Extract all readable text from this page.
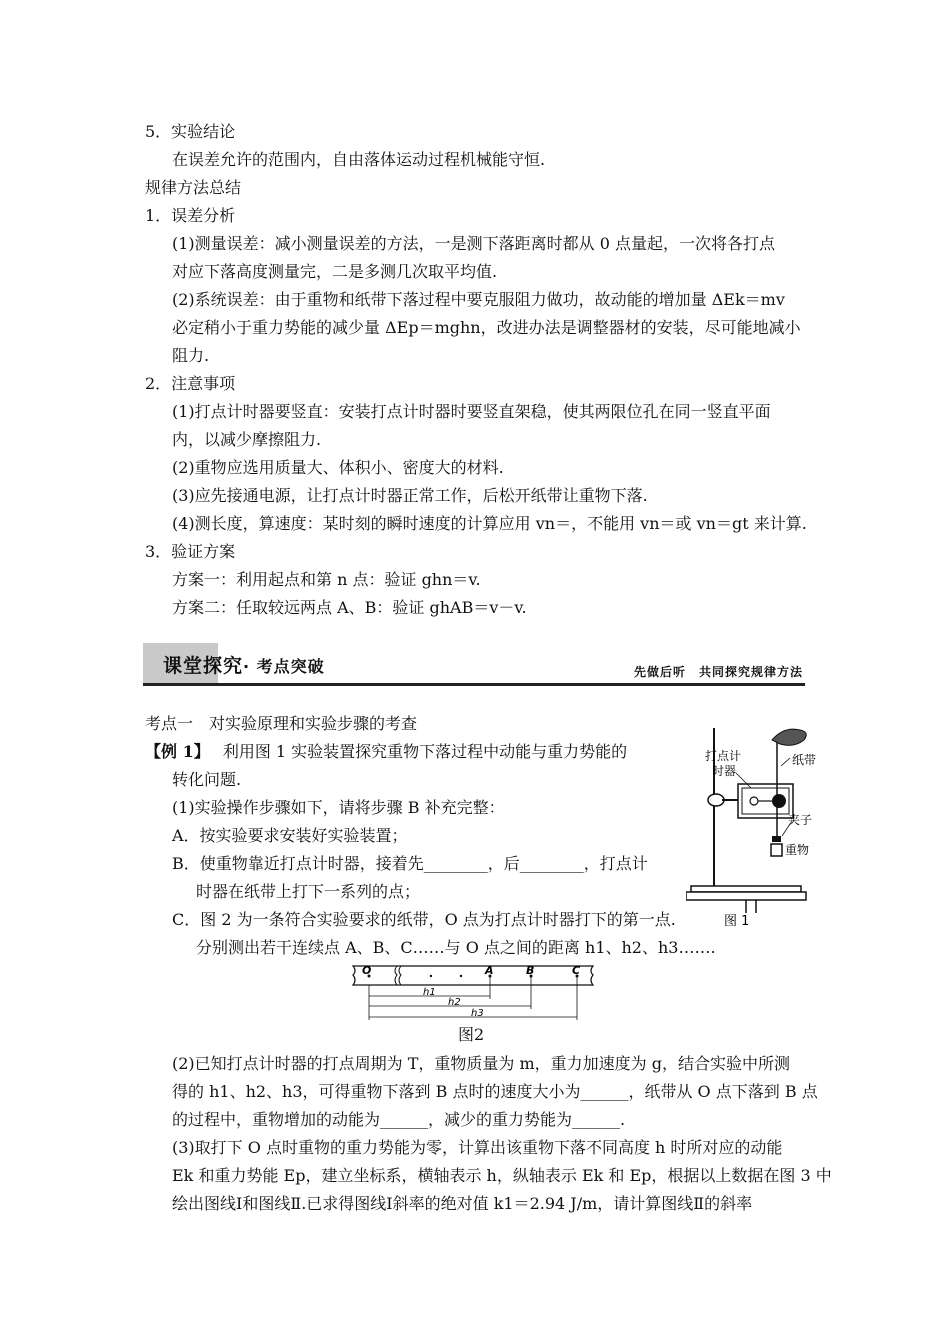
5．实验结论
在误差允许的范围内，自由落体运动过程机械能守恒.
规律方法总结
1．误差分析
(1)测量误差：减小测量误差的方法，一是测下落距离时都从 0 点量起，一次将各打点
对应下落高度测量完，二是多测几次取平均值.
(2)系统误差：由于重物和纸带下落过程中要克服阻力做功，故动能的增加量 ΔEk＝mv
必定稍小于重力势能的减少量 ΔEp＝mghn，改进办法是调整器材的安装，尽可能地减小
阻力.
2．注意事项
(1)打点计时器要竖直：安装打点计时器时要竖直架稳，使其两限位孔在同一竖直平面
内，以减少摩擦阻力.
(2)重物应选用质量大、体积小、密度大的材料.
(3)应先接通电源，让打点计时器正常工作，后松开纸带让重物下落.
(4)测长度，算速度：某时刻的瞬时速度的计算应用 vn＝，不能用 vn＝或 vn＝gt 来计算.
3．验证方案
方案一：利用起点和第 n 点：验证 ghn＝v.
方案二：任取较远两点 A、B：验证 ghAB＝v－v.
课堂探究· 考点突破	先做后听　共同探究规律方法
考点一　对实验原理和实验步骤的考查
【例 1】 利用图 1 实验装置探究重物下落过程中动能与重力势能的
转化问题.
(1)实验操作步骤如下，请将步骤 B 补充完整：
A．按实验要求安装好实验装置；
B．使重物靠近打点计时器，接着先________，后________，打点计
时器在纸带上打下一系列的点；
C．图 2 为一条符合实验要求的纸带，O 点为打点计时器打下的第一点.
分别测出若干连续点 A、B、C……与 O 点之间的距离 h1、h2、h3…….
(2)已知打点计时器的打点周期为 T，重物质量为 m，重力加速度为 g，结合实验中所测
得的 h1、h2、h3，可得重物下落到 B 点时的速度大小为______，纸带从 O 点下落到 B 点
的过程中，重物增加的动能为______，减少的重力势能为______.
(3)取打下 O 点时重物的重力势能为零，计算出该重物下落不同高度 h 时所对应的动能
Ek 和重力势能 Ep，建立坐标系，横轴表示 h，纵轴表示 Ek 和 Ep，根据以上数据在图 3 中
绘出图线Ⅰ和图线Ⅱ.已求得图线Ⅰ斜率的绝对值 k1＝2.94 J/m，请计算图线Ⅱ的斜率
打点计
时器
纸带
夹子
重物
图 1
O	A	B	C
h1
h2
h3
图2
